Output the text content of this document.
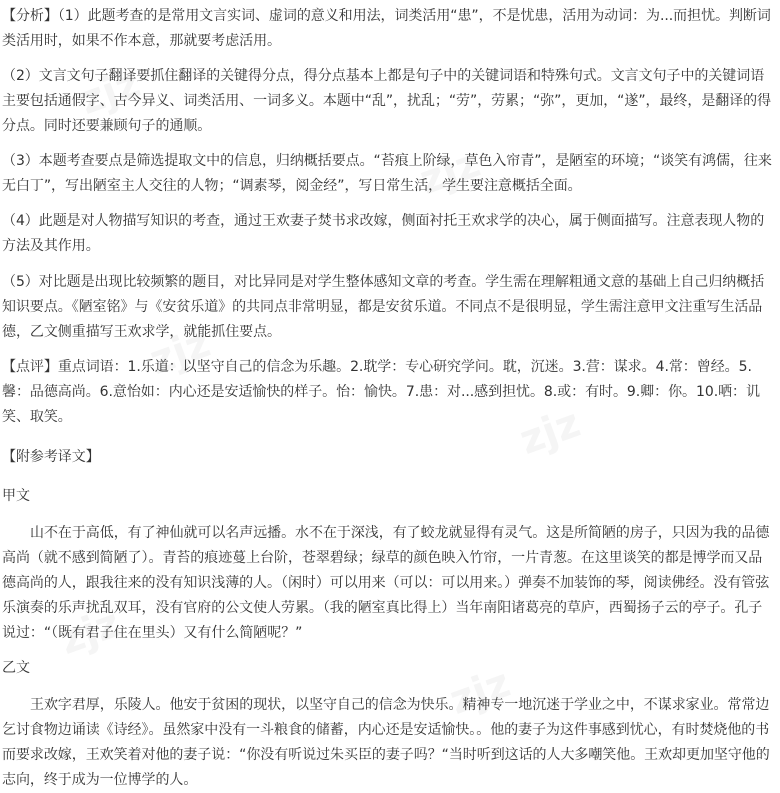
zjz
zjz
zjz
zjz
zjz
zjz

【分析】（1）此题考查的是常用文言实词、虚词的意义和用法，词类活用“患”，不是忧患，活用为动词：为...而担忧。判断词类活用时，如果不作本意，那就要考虑活用。

（2）文言文句子翻译要抓住翻译的关键得分点，得分点基本上都是句子中的关键词语和特殊句式。文言文句子中的关键词语主要包括通假字、古今异义、词类活用、一词多义。本题中“乱”，扰乱；“劳”，劳累；“弥”，更加，“遂”，最终，是翻译的得分点。同时还要兼顾句子的通顺。

（3）本题考查要点是筛选提取文中的信息，归纳概括要点。“苔痕上阶绿，草色入帘青”，是陋室的环境；“谈笑有鸿儒，往来无白丁”，写出陋室主人交往的人物；“调素琴，阅金经”，写日常生活，学生要注意概括全面。

（4）此题是对人物描写知识的考查，通过王欢妻子焚书求改嫁，侧面衬托王欢求学的决心，属于侧面描写。注意表现人物的方法及其作用。

（5）对比题是出现比较频繁的题目，对比异同是对学生整体感知文章的考查。学生需在理解粗通文意的基础上自己归纳概括知识要点。《陋室铭》与《安贫乐道》的共同点非常明显，都是安贫乐道。不同点不是很明显，学生需注意甲文注重写生活品德，乙文侧重描写王欢求学，就能抓住要点。

【点评】重点词语：1.乐道：以坚守自己的信念为乐趣。2.耽学：专心研究学问。耽，沉迷。3.营：谋求。4.常：曾经。5.馨：品德高尚。6.意怡如：内心还是安适愉快的样子。怡：愉快。7.患：对...感到担忧。8.或：有时。9.卿：你。10.哂：讥笑、取笑。

【附参考译文】

甲文

山不在于高低，有了神仙就可以名声远播。水不在于深浅，有了蛟龙就显得有灵气。这是所简陋的房子，只因为我的品德高尚（就不感到简陋了）。青苔的痕迹蔓上台阶，苍翠碧绿；绿草的颜色映入竹帘，一片青葱。在这里谈笑的都是博学而又品德高尚的人，跟我往来的没有知识浅薄的人。（闲时）可以用来（可以：可以用来。）弹奏不加装饰的琴，阅读佛经。没有管弦乐演奏的乐声扰乱双耳，没有官府的公文使人劳累。（我的陋室真比得上）当年南阳诸葛亮的草庐，西蜀扬子云的亭子。孔子说过：“（既有君子住在里头）又有什么简陋呢？”

乙文

王欢字君厚，乐陵人。他安于贫困的现状，以坚守自己的信念为快乐。精神专一地沉迷于学业之中，不谋求家业。常常边乞讨食物边诵读《诗经》。虽然家中没有一斗粮食的储蓄，内心还是安适愉快。。他的妻子为这件事感到忧心，有时焚烧他的书而要求改嫁，王欢笑着对他的妻子说：“你没有听说过朱买臣的妻子吗？“当时听到这话的人大多嘲笑他。王欢却更加坚守他的志向，终于成为一位博学的人。
